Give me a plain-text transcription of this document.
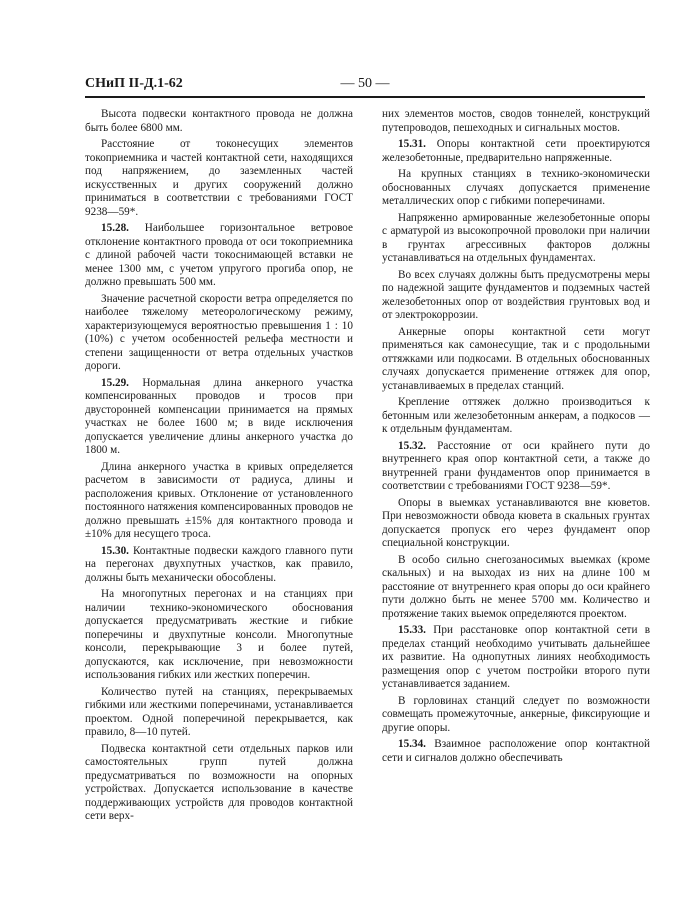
СНиП II-Д.1-62	— 50 —

Высота подвески контактного провода не должна быть более 6800 мм.

Расстояние от токонесущих элементов токоприемника и частей контактной сети, находящихся под напряжением, до заземленных частей искусственных и других сооружений должно приниматься в соответствии с требованиями ГОСТ 9238—59*.

15.28. Наибольшее горизонтальное ветровое отклонение контактного провода от оси токоприемника с длиной рабочей части токоснимающей вставки не менее 1300 мм, с учетом упругого прогиба опор, не должно превышать 500 мм.

Значение расчетной скорости ветра определяется по наиболее тяжелому метеорологическому режиму, характеризующемуся вероятностью превышения 1 : 10 (10%) с учетом особенностей рельефа местности и степени защищенности от ветра отдельных участков дороги.

15.29. Нормальная длина анкерного участка компенсированных проводов и тросов при двусторонней компенсации принимается на прямых участках не более 1600 м; в виде исключения допускается увеличение длины анкерного участка до 1800 м.

Длина анкерного участка в кривых определяется расчетом в зависимости от радиуса, длины и расположения кривых. Отклонение от установленного постоянного натяжения компенсированных проводов не должно превышать ±15% для контактного провода и ±10% для несущего троса.

15.30. Контактные подвески каждого главного пути на перегонах двухпутных участков, как правило, должны быть механически обособлены.

На многопутных перегонах и на станциях при наличии технико-экономического обоснования допускается предусматривать жесткие и гибкие поперечины и двухпутные консоли. Многопутные консоли, перекрывающие 3 и более путей, допускаются, как исключение, при невозможности использования гибких или жестких поперечин.

Количество путей на станциях, перекрываемых гибкими или жесткими поперечинами, устанавливается проектом. Одной поперечиной перекрывается, как правило, 8—10 путей.

Подвеска контактной сети отдельных парков или самостоятельных групп путей должна предусматриваться по возможности на опорных устройствах. Допускается использование в качестве поддерживающих устройств для проводов контактной сети верх-

них элементов мостов, сводов тоннелей, конструкций путепроводов, пешеходных и сигнальных мостов.

15.31. Опоры контактной сети проектируются железобетонные, предварительно напряженные.

На крупных станциях в технико-экономически обоснованных случаях допускается применение металлических опор с гибкими поперечинами.

Напряженно армированные железобетонные опоры с арматурой из высокопрочной проволоки при наличии в грунтах агрессивных факторов должны устанавливаться на отдельных фундаментах.

Во всех случаях должны быть предусмотрены меры по надежной защите фундаментов и подземных частей железобетонных опор от воздействия грунтовых вод и от электрокоррозии.

Анкерные опоры контактной сети могут применяться как самонесущие, так и с продольными оттяжками или подкосами. В отдельных обоснованных случаях допускается применение оттяжек для опор, устанавливаемых в пределах станций.

Крепление оттяжек должно производиться к бетонным или железобетонным анкерам, а подкосов — к отдельным фундаментам.

15.32. Расстояние от оси крайнего пути до внутреннего края опор контактной сети, а также до внутренней грани фундаментов опор принимается в соответствии с требованиями ГОСТ 9238—59*.

Опоры в выемках устанавливаются вне кюветов. При невозможности обвода кювета в скальных грунтах допускается пропуск его через фундамент опор специальной конструкции.

В особо сильно снегозаносимых выемках (кроме скальных) и на выходах из них на длине 100 м расстояние от внутреннего края опоры до оси крайнего пути должно быть не менее 5700 мм. Количество и протяжение таких выемок определяются проектом.

15.33. При расстановке опор контактной сети в пределах станций необходимо учитывать дальнейшее их развитие. На однопутных линиях необходимость размещения опор с учетом постройки второго пути устанавливается заданием.

В горловинах станций следует по возможности совмещать промежуточные, анкерные, фиксирующие и другие опоры.

15.34. Взаимное расположение опор контактной сети и сигналов должно обеспечивать
